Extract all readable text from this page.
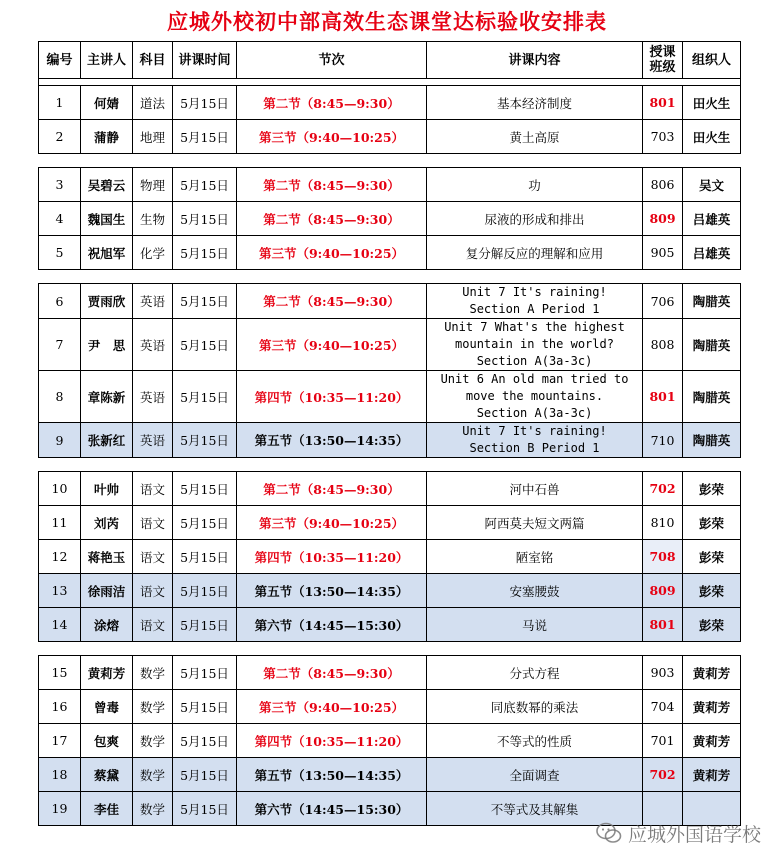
应城外校初中部高效生态课堂达标验收安排表
编号	主讲人	科目	讲课时间	节次	讲课内容	授课
班级	组织人

1	何婧	道法	5月15日	第二节（8:45—9:30）	基本经济制度	801	田火生
2	蒲静	地理	5月15日	第三节（9:40—10:25）	黄土高原	703	田火生

3	吴碧云	物理	5月15日	第二节（8:45—9:30）	功	806	吴文
4	魏国生	生物	5月15日	第二节（8:45—9:30）	尿液的形成和排出	809	吕雄英
5	祝旭军	化学	5月15日	第三节（9:40—10:25）	复分解反应的理解和应用	905	吕雄英

6	贾雨欣	英语	5月15日	第二节（8:45—9:30）	Unit 7 It's raining!
Section A Period 1	706	陶腊英
7	尹　思	英语	5月15日	第三节（9:40—10:25）	Unit 7 What's the highest
mountain in the world?
Section A(3a-3c)	808	陶腊英
8	章陈新	英语	5月15日	第四节（10:35—11:20）	Unit 6 An old man tried to
move the mountains.
Section A(3a-3c)	801	陶腊英
9	张新红	英语	5月15日	第五节（13:50—14:35）	Unit 7 It's raining!
Section B Period 1	710	陶腊英

10	叶帅	语文	5月15日	第二节（8:45—9:30）	河中石兽	702	彭荣
11	刘芮	语文	5月15日	第三节（9:40—10:25）	阿西莫夫短文两篇	810	彭荣
12	蒋艳玉	语文	5月15日	第四节（10:35—11:20）	陋室铭	708	彭荣
13	徐雨洁	语文	5月15日	第五节（13:50—14:35）	安塞腰鼓	809	彭荣
14	涂熔	语文	5月15日	第六节（14:45—15:30）	马说	801	彭荣

15	黄莉芳	数学	5月15日	第二节（8:45—9:30）	分式方程	903	黄莉芳
16	曾毒	数学	5月15日	第三节（9:40—10:25）	同底数幂的乘法	704	黄莉芳
17	包爽	数学	5月15日	第四节（10:35—11:20）	不等式的性质	701	黄莉芳
18	蔡黛	数学	5月15日	第五节（13:50—14:35）	全面调查	702	黄莉芳
19	李佳	数学	5月15日	第六节（14:45—15:30）	不等式及其解集		
应城外国语学校
